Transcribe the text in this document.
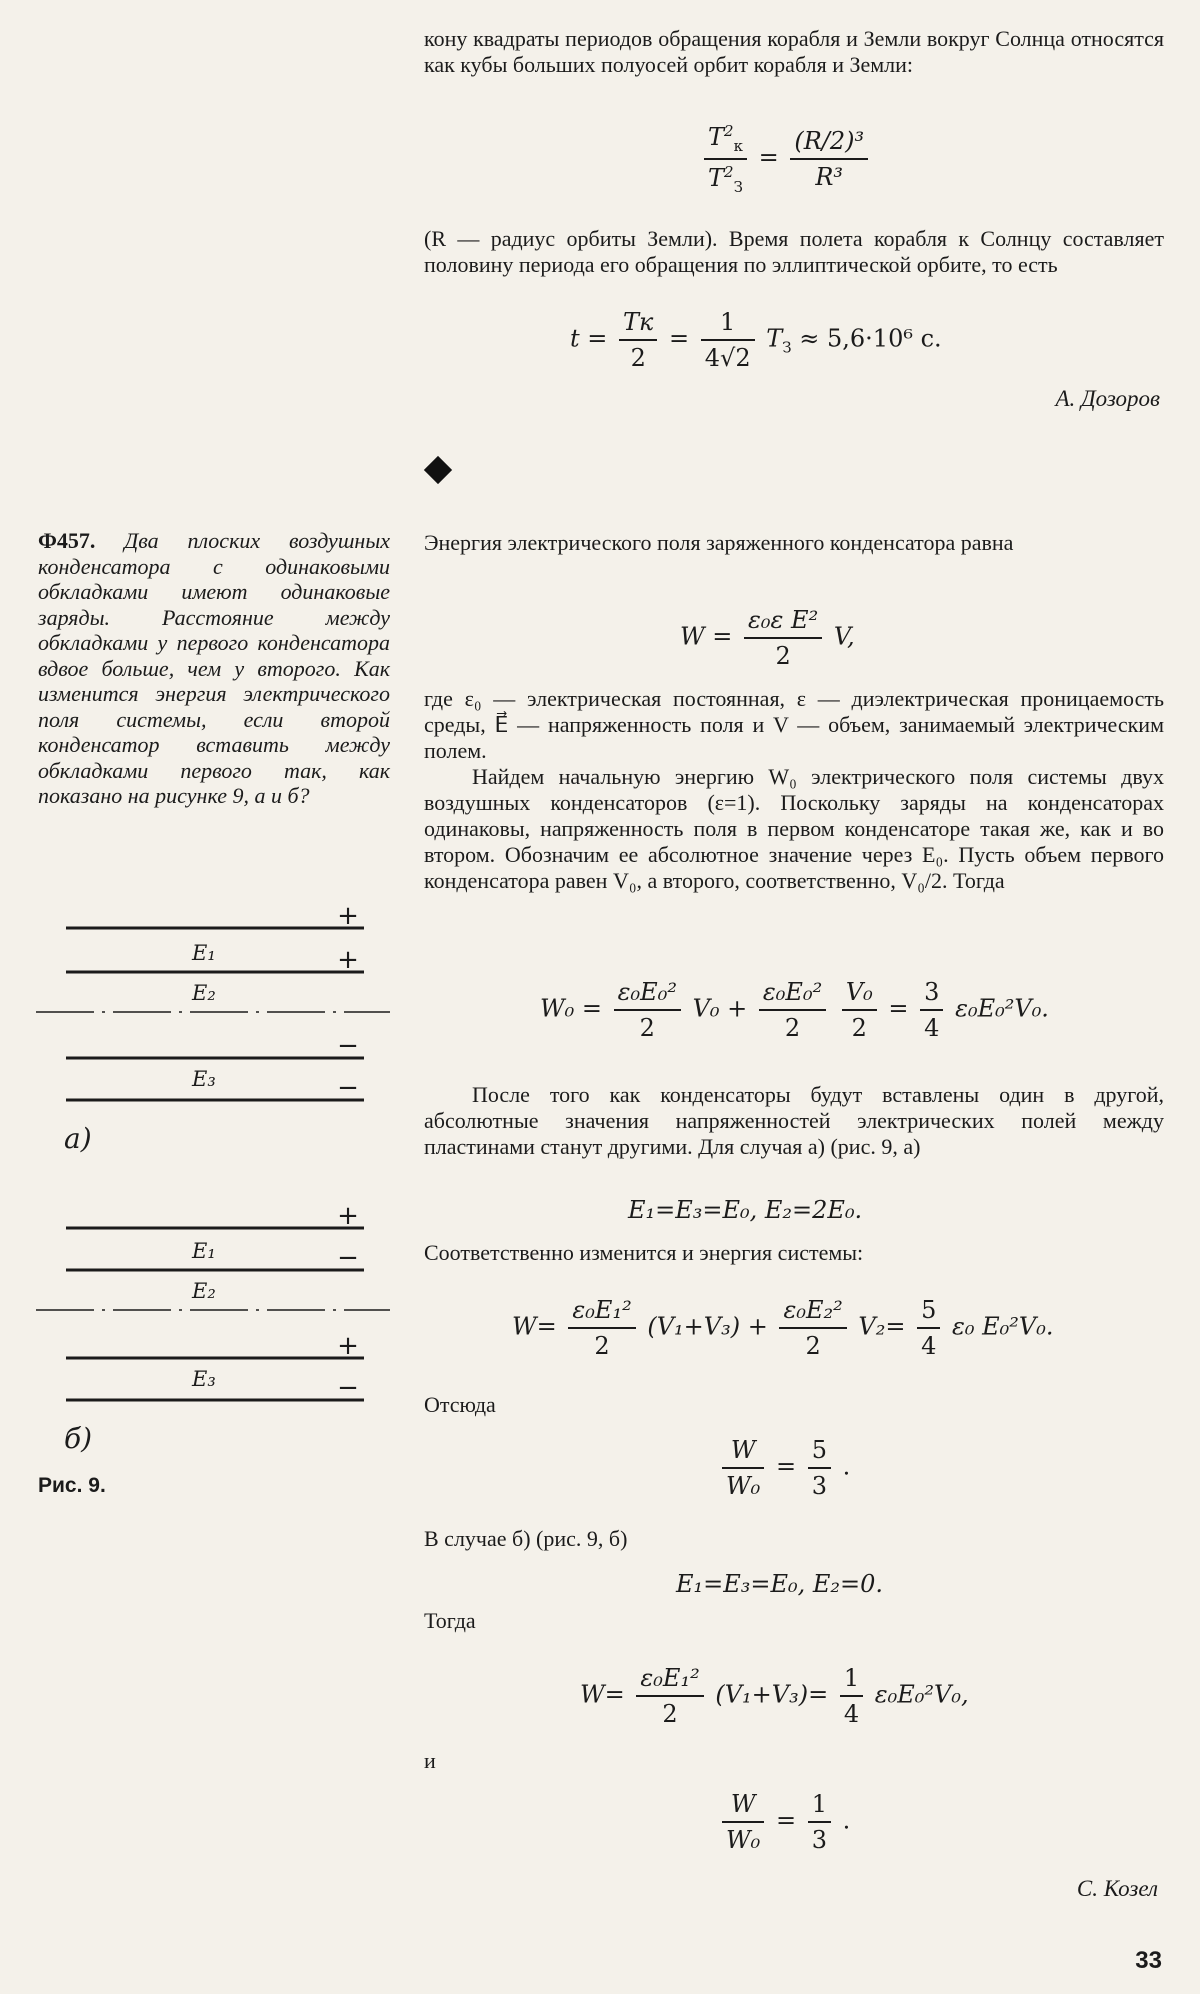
кону квадраты периодов обращения корабля и Земли вокруг Солнца относятся как кубы больших полуосей орбит корабля и Земли:

$\frac{T^2_к}{T^2_З} = \frac{\text{(R/2)³}}{\text{R³}}$

(R — радиус орбиты Земли). Время полета корабля к Солнцу составляет половину периода его обращения по эллиптической орбите, то есть

$t = \frac{Tк}{2} = \frac{1}{4√2} T_З \approx 5,6\cdot 10^6$ с.
А. Дозоров
Ф457. Два плоских воздушных конденсатора с одинаковыми обкладками имеют одинаковые заряды. Расстояние между обкладками у первого конденсатора вдвое больше, чем у второго. Как изменится энергия электрического поля системы, если второй конденсатор вставить между обкладками первого так, как показано на рисунке 9, а и б?
E₁
E₂
E₃
а)
E₁
E₂
E₃
б)
+
+
−
−
+
−
+
−
Рис. 9.

Энергия электрического поля заряженного конденсатора равна

$W = \frac{\text{ε₀ε E²}}{2} V$,

где ε₀ — электрическая постоянная, ε — диэлектрическая проницаемость среды, E⃗ — напряженность поля и V — объем, занимаемый электрическим полем.

Найдем начальную энергию W₀ электрического поля системы двух воздушных конденсаторов (ε=1). Поскольку заряды на конденсаторах одинаковы, напряженность поля в первом конденсаторе такая же, как и во втором. Обозначим ее абсолютное значение через E₀. Пусть объем первого конденсатора равен V₀, а второго, соответственно, V₀/2. Тогда

$W_0 = \frac{\text{ε₀E₀²}}{2} V_0 + \frac{\text{ε₀E₀²}}{2}$
$\frac{\text{V₀}}{2} = \frac{3}{4} \varepsilon_0E_0^2V_0$.

После того как конденсаторы будут вставлены один в другой, абсолютные значения напряженностей электрических полей между пластинами станут другими. Для случая а) (рис. 9, а)

E₁=E₃=E₀, E₂=2E₀.

Соответственно изменится и энергия системы:

$W= \frac{\text{ε₀E₁²}}{2} (V_1+V_3) + \frac{\text{ε₀E₂²}}{2} V_2= \frac{5}{4} \varepsilon_0$ E₀²V₀.

Отсюда

$\frac{W}{\text{W₀}} = \frac{5}{3}$ .

В случае б) (рис. 9, б)

E₁=E₃=E₀, E₂=0.

Тогда

$W= \frac{\text{ε₀E₁²}}{2} (V_1+V_3)= \frac{1}{4} \varepsilon_0E_0^2V_0$,

и

$\frac{W}{\text{W₀}} = \frac{1}{3}$ .
С. Козел
33
